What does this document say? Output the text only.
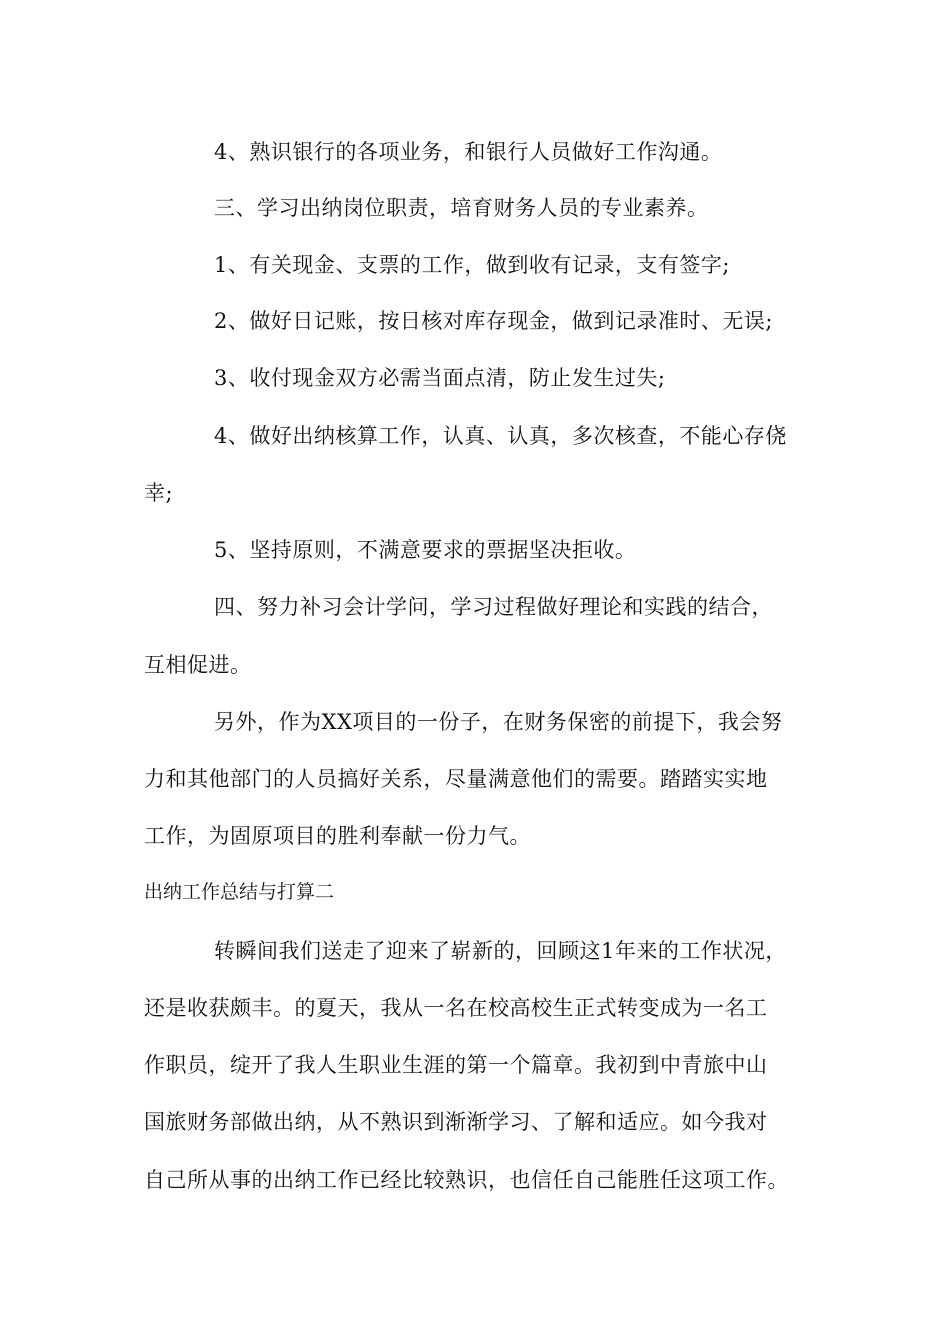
4、熟识银行的各项业务，和银行人员做好工作沟通。
三、学习出纳岗位职责，培育财务人员的专业素养。
1、有关现金、支票的工作，做到收有记录，支有签字;
2、做好日记账，按日核对库存现金，做到记录准时、无误;
3、收付现金双方必需当面点清，防止发生过失;
4、做好出纳核算工作，认真、认真，多次核查，不能心存侥
幸;
5、坚持原则，不满意要求的票据坚决拒收。
四、努力补习会计学问，学习过程做好理论和实践的结合，
互相促进。
另外，作为XX项目的一份子，在财务保密的前提下，我会努
力和其他部门的人员搞好关系，尽量满意他们的需要。踏踏实实地
工作，为固原项目的胜利奉献一份力气。
出纳工作总结与打算二
转瞬间我们送走了迎来了崭新的，回顾这1年来的工作状况，
还是收获颇丰。的夏天，我从一名在校高校生正式转变成为一名工
作职员，绽开了我人生职业生涯的第一个篇章。我初到中青旅中山
国旅财务部做出纳，从不熟识到渐渐学习、了解和适应。如今我对
自己所从事的出纳工作已经比较熟识，也信任自己能胜任这项工作。
